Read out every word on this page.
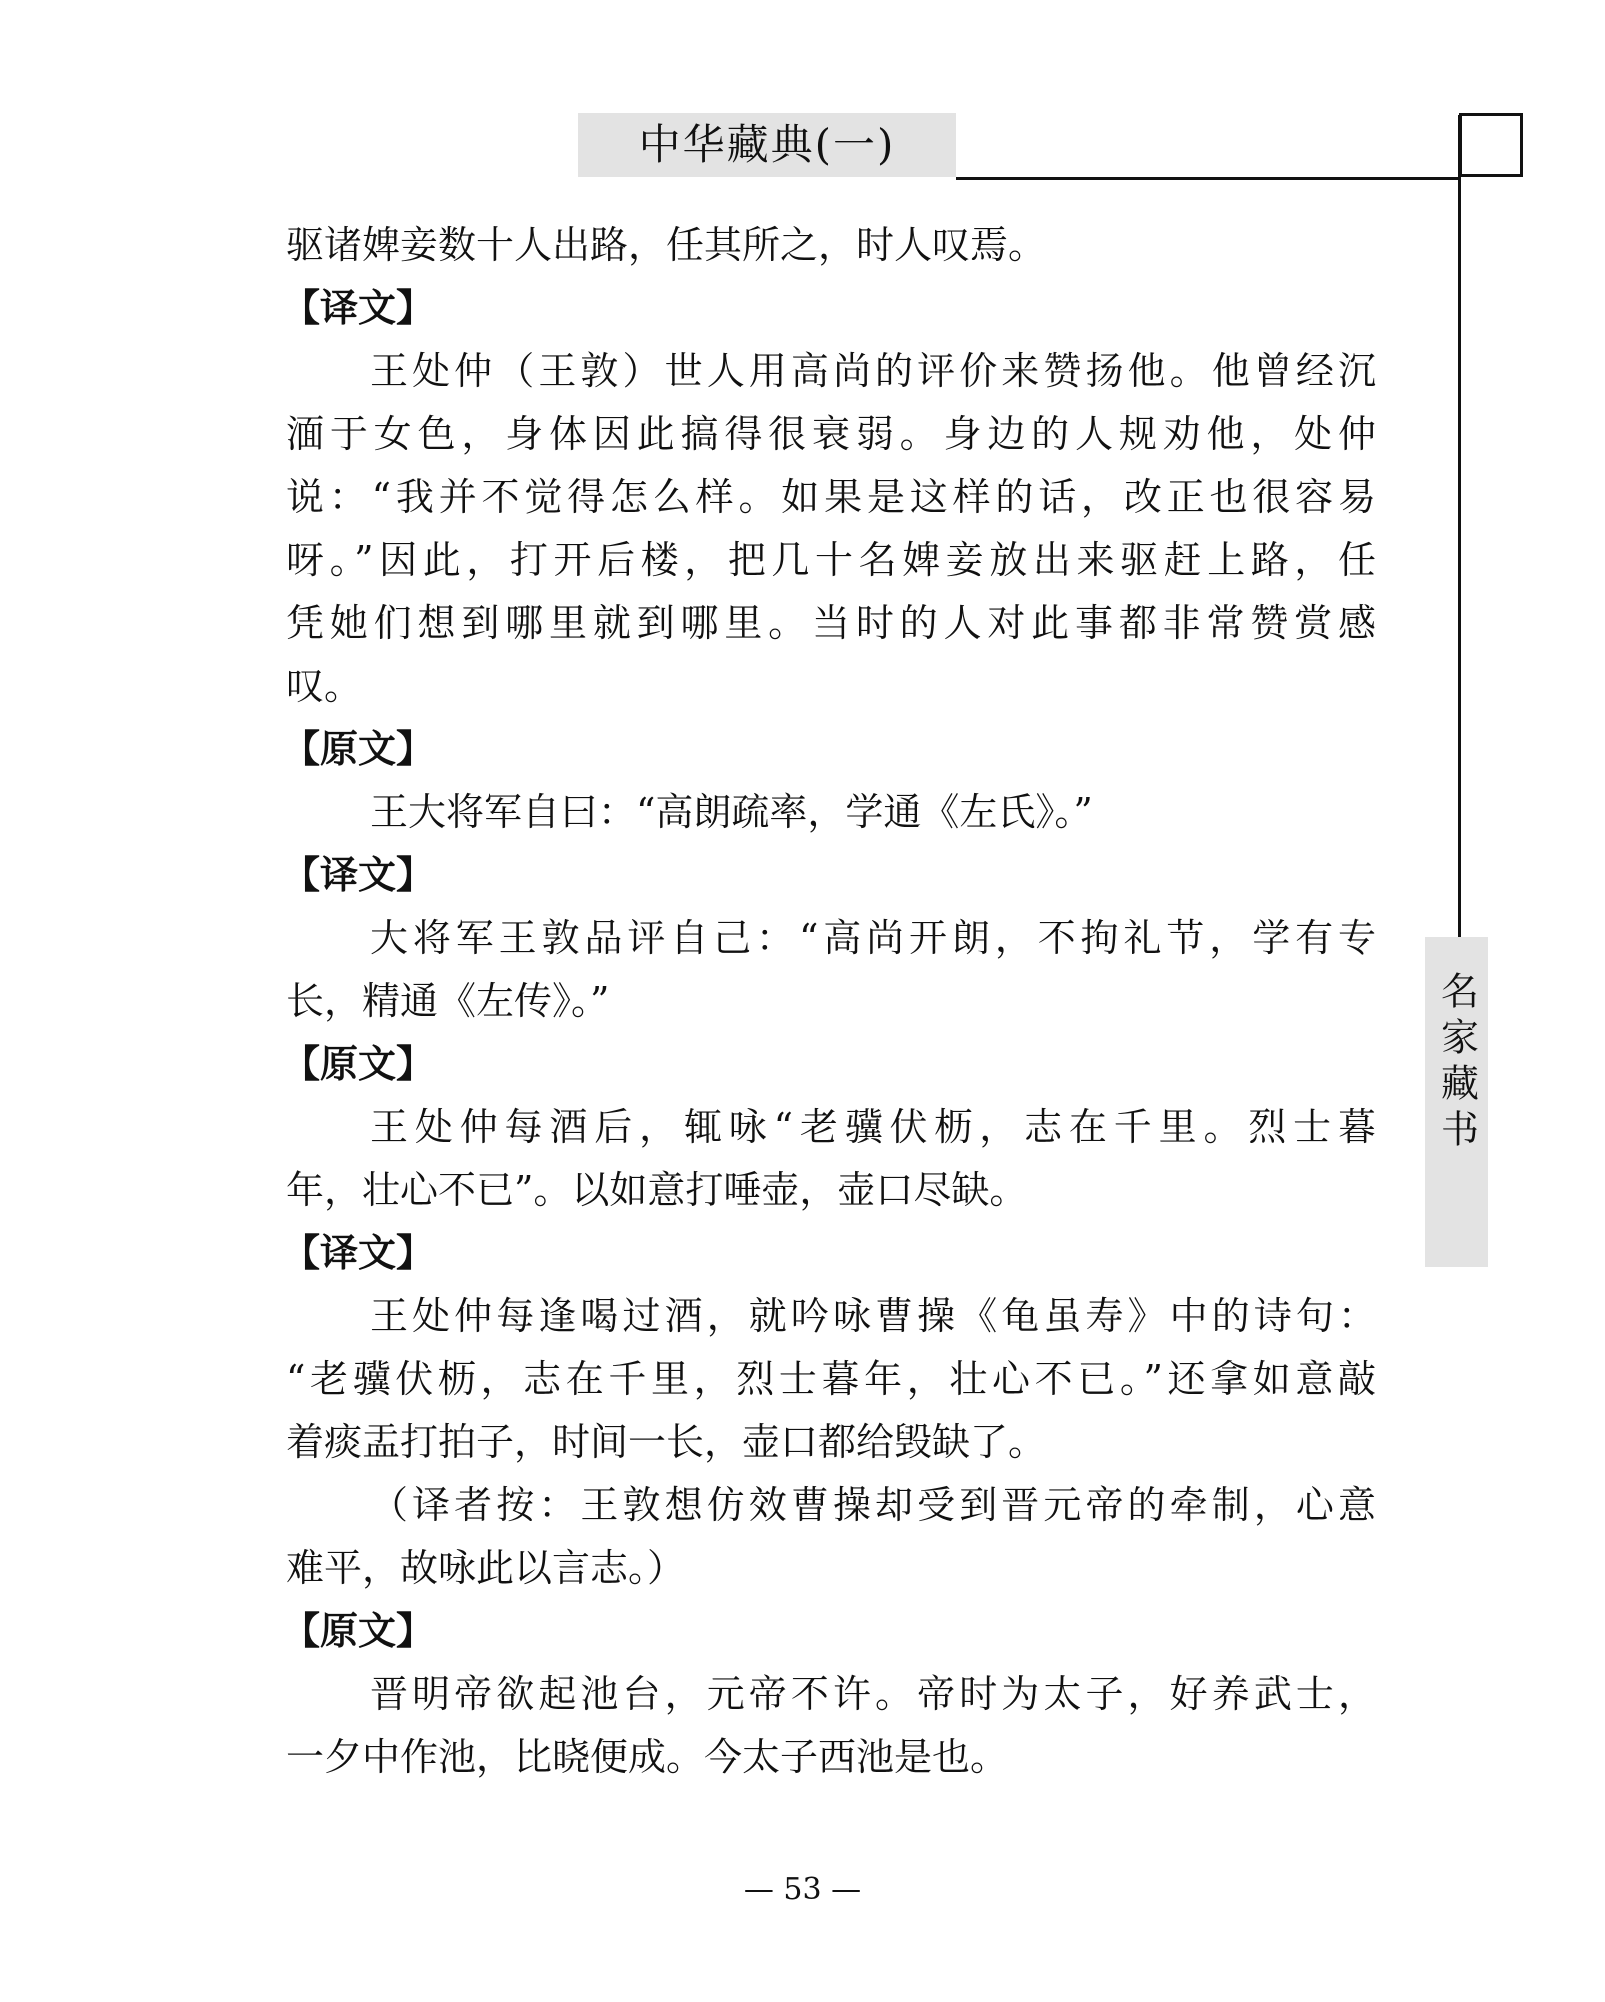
中华藏典(一)
名家藏书
驱诸婢妾数十人出路，任其所之，时人叹焉。
【译文】
王处仲（王敦）世人用高尚的评价来赞扬他。他曾经沉
湎于女色，身体因此搞得很衰弱。身边的人规劝他，处仲
说：“我并不觉得怎么样。如果是这样的话，改正也很容易
呀。”因此，打开后楼，把几十名婢妾放出来驱赶上路，任
凭她们想到哪里就到哪里。当时的人对此事都非常赞赏感
叹。
【原文】
王大将军自曰：“高朗疏率，学通《左氏》。”
【译文】
大将军王敦品评自己：“高尚开朗，不拘礼节，学有专
长，精通《左传》。”
【原文】
王处仲每酒后，辄咏“老骥伏枥，志在千里。烈士暮
年，壮心不已”。以如意打唾壶，壶口尽缺。
【译文】
王处仲每逢喝过酒，就吟咏曹操《龟虽寿》中的诗句：
“老骥伏枥，志在千里，烈士暮年，壮心不已。”还拿如意敲
着痰盂打拍子，时间一长，壶口都给毁缺了。
（译者按：王敦想仿效曹操却受到晋元帝的牵制，心意
难平，故咏此以言志。）
【原文】
晋明帝欲起池台，元帝不许。帝时为太子，好养武士，
一夕中作池，比晓便成。今太子西池是也。
— 53 —
